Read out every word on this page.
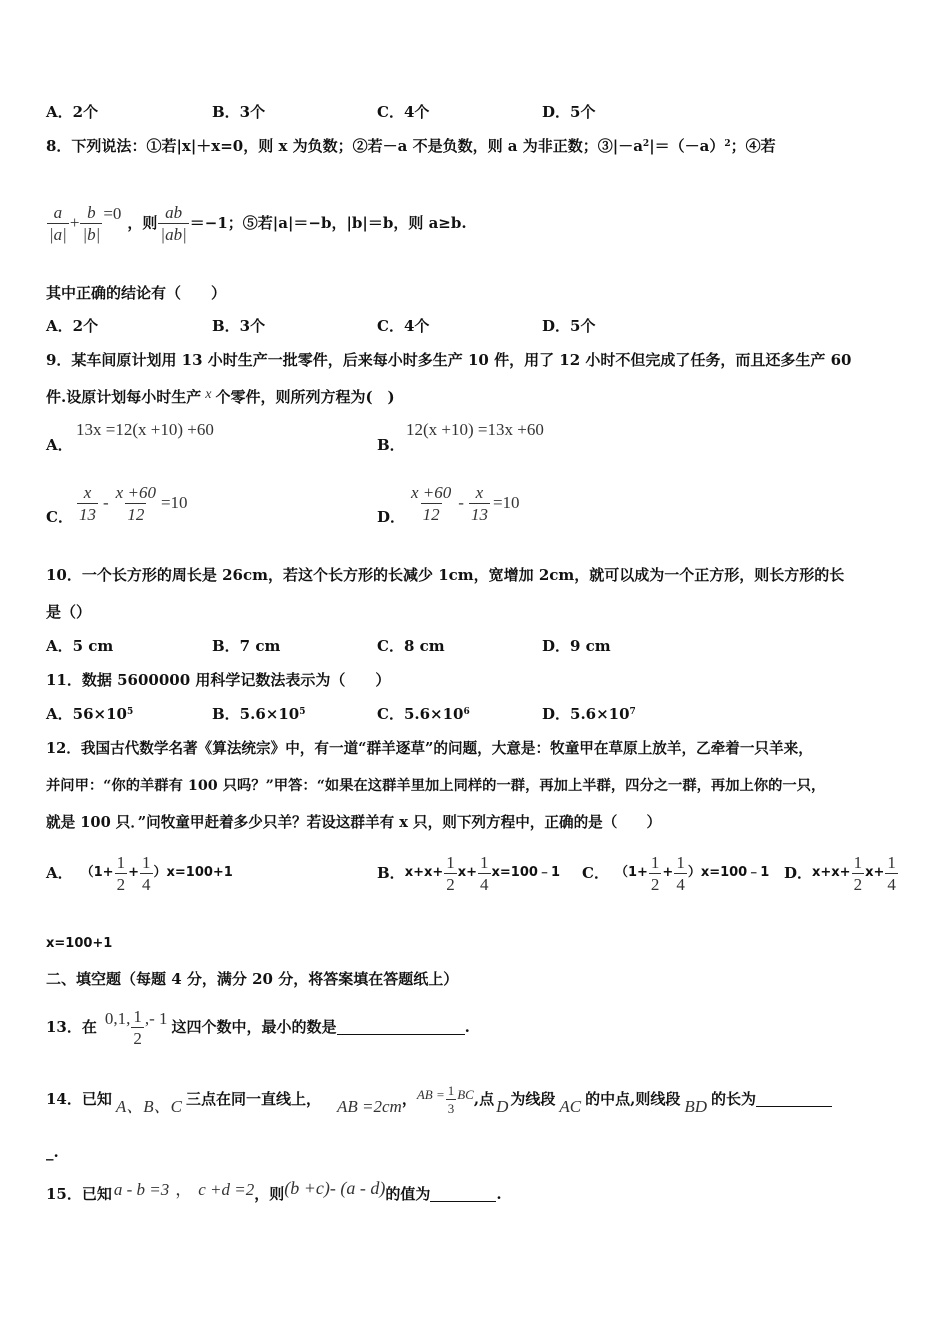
A．2个	B．3个	C．4个	D．5个
8．下列说法：①若|x|＋x=0，则 x 为负数；②若－a 不是负数，则 a 为非正数；$③|-a^2|=(-a)^2$；④若
$\frac{a}{|a|} + \frac{b}{|b|} =0$ ，则 $\frac{ab}{|ab|} =-1$；⑤若|a|＝−b，|b|＝b，则 a≥b.
其中正确的结论有（　　）
A．2个	B．3个	C．4个	D．5个
9．某车间原计划用 13 小时生产一批零件，后来每小时多生产 10 件，用了 12 小时不但完成了任务，而且还多生产 60
件.设原计划每小时生产 x 个零件，则所列方程为(　)
A．
13x =12(x +10) +60
B．
12(x +10) =13x +60
C． $\frac{x}{13} - \frac{x +60}{12} =10$
D． $\frac{x +60}{12} - \frac{x}{13} =10$
10．一个长方形的周长是 26cm，若这个长方形的长减少 1cm，宽增加 2cm，就可以成为一个正方形，则长方形的长
是（）
A．5 cm	B．7 cm	C．8 cm	D．9 cm
11．数据 5600000 用科学记数法表示为（　　）
A．$56\times 10^5$	B．$5.6\times 10^5$	C．$5.6\times 10^6$	D．$5.6\times 10^7$
12．我国古代数学名著《算法统宗》中，有一道“群羊逐草”的问题，大意是：牧童甲在草原上放羊，乙牵着一只羊来，
并问甲：“你的羊群有 100 只吗？”甲答：“如果在这群羊里加上同样的一群，再加上半群，四分之一群，再加上你的一只，
就是 100 只．”问牧童甲赶着多少只羊？若设这群羊有 x 只，则下列方程中，正确的是（　　）
A． $(1+ \frac{1}{2} + \frac{1}{4} )x=100+1$	B． $x+x+ \frac{1}{2} x+ \frac{1}{4}$ x=100﹣1 C． （$1+ \frac{1}{2} + \frac{1}{4}$ ）x=100﹣1 D． $x+x+ \frac{1}{2} x+ \frac{1}{4}$
x=100+1
二、填空题（每题 4 分，满分 20 分，将答案填在答题纸上）
13．在 0,1, $\frac{1}{2}$ ,- 1 这四个数中，最小的数是	.
14．已知 A、B、C 三点在同一直线上， AB =2cm ， AB = $\frac{1}{3}$ BC ,点 D 为线段 AC 的中点,则线段 BD 的长为
_.
15．已知 a - b =3 ， c +d =2 ，则 (b +c)- (a - d) 的值为	.
